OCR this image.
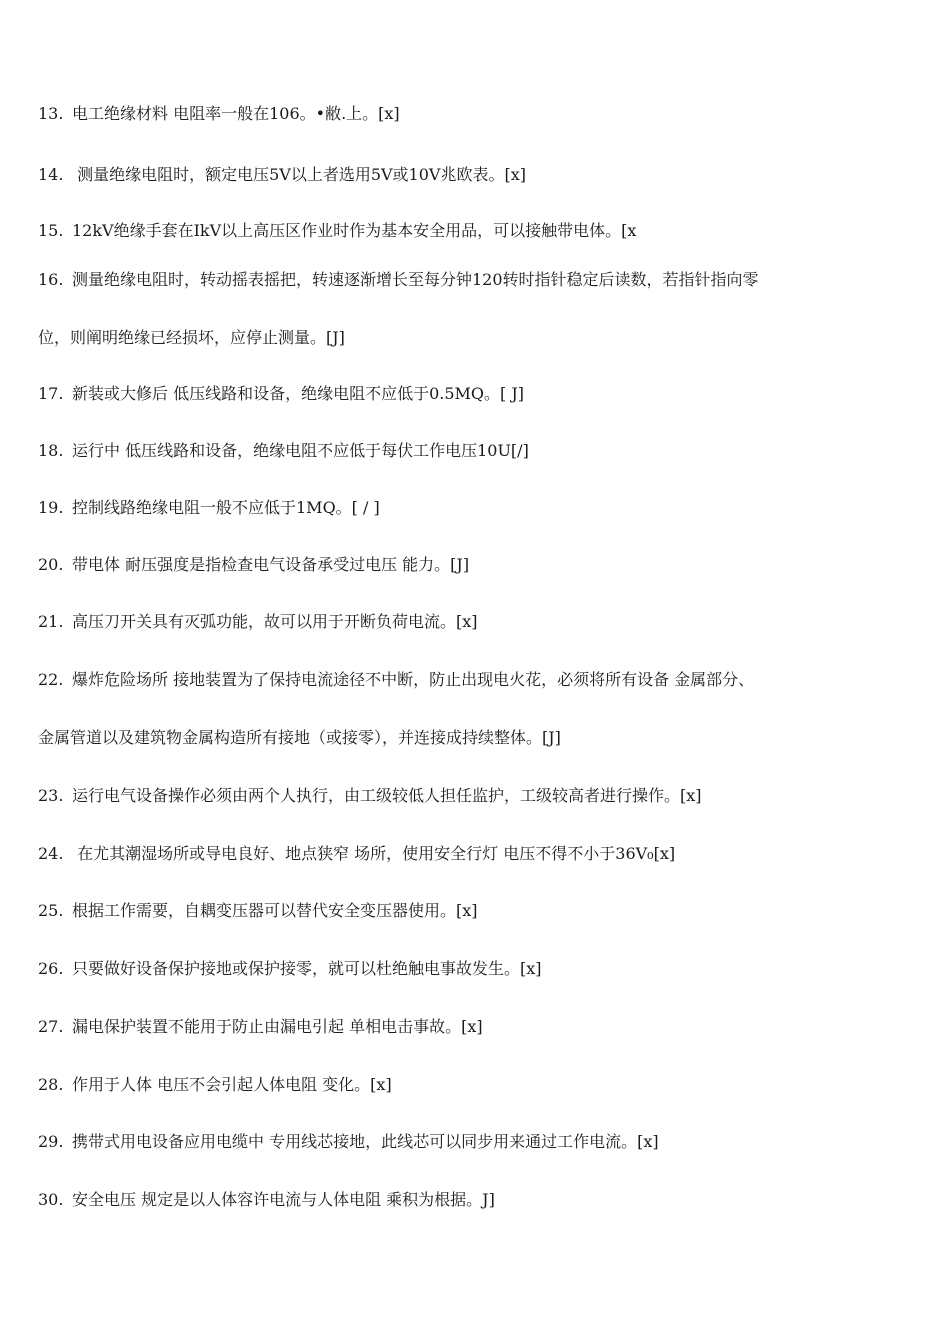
13. 电工绝缘材料 电阻率一般在106。•敝.上。[x]
14. 测量绝缘电阻时，额定电压5V以上者选用5V或10V兆欧表。[x]
15. 12kV绝缘手套在IkV以上高压区作业时作为基本安全用品，可以接触带电体。[x
16. 测量绝缘电阻时，转动摇表摇把，转速逐渐增长至每分钟120转时指针稳定后读数，若指针指向零
位，则阐明绝缘已经损坏，应停止测量。[J]
17. 新装或大修后 低压线路和设备，绝缘电阻不应低于0.5MQ。[ J]
18. 运行中 低压线路和设备，绝缘电阻不应低于每伏工作电压10U[/]
19. 控制线路绝缘电阻一般不应低于1MQ。[ / ]
20. 带电体 耐压强度是指检查电气设备承受过电压 能力。[J]
21. 高压刀开关具有灭弧功能，故可以用于开断负荷电流。[x]
22. 爆炸危险场所 接地装置为了保持电流途径不中断，防止出现电火花，必须将所有设备 金属部分、
金属管道以及建筑物金属构造所有接地（或接零），并连接成持续整体。[J]
23. 运行电气设备操作必须由两个人执行，由工级较低人担任监护，工级较高者进行操作。[x]
24. 在尤其潮湿场所或导电良好、地点狭窄 场所，使用安全行灯 电压不得不小于36V₀[x]
25. 根据工作需要，自耦变压器可以替代安全变压器使用。[x]
26. 只要做好设备保护接地或保护接零，就可以杜绝触电事故发生。[x]
27. 漏电保护装置不能用于防止由漏电引起 单相电击事故。[x]
28. 作用于人体 电压不会引起人体电阻 变化。[x]
29. 携带式用电设备应用电缆中 专用线芯接地，此线芯可以同步用来通过工作电流。[x]
30. 安全电压 规定是以人体容许电流与人体电阻 乘积为根据。J]
